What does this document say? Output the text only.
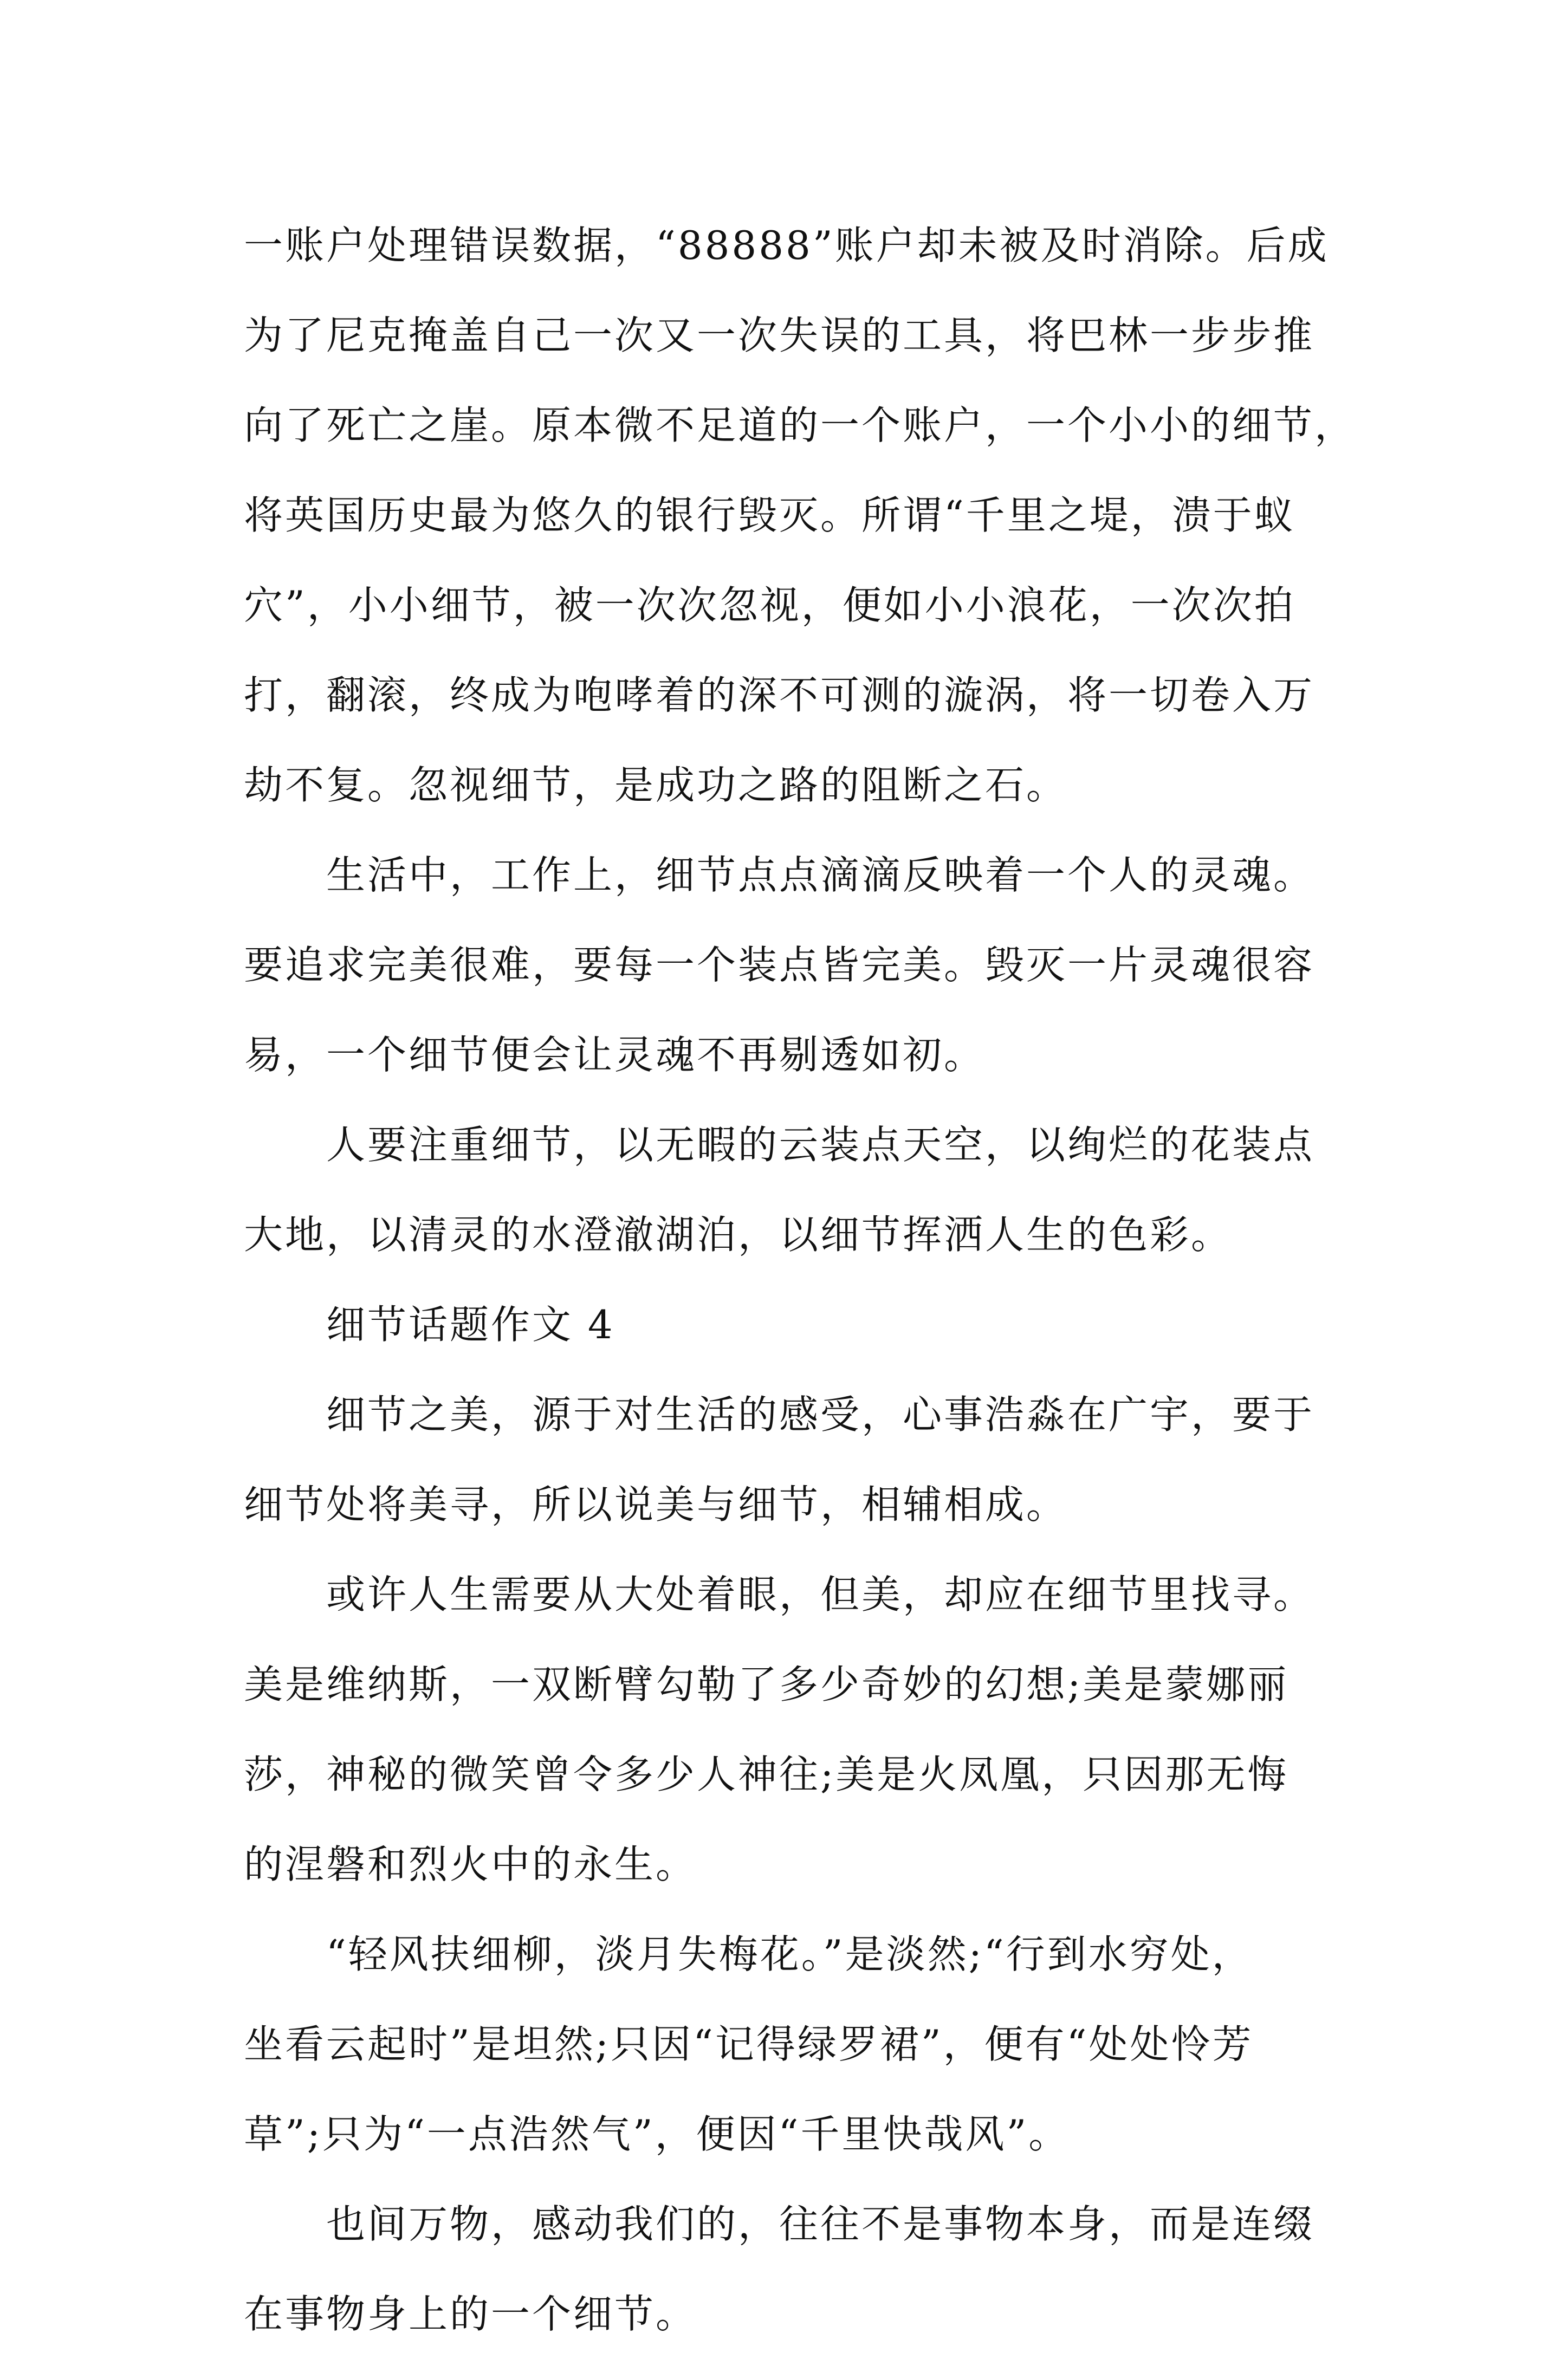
一账户处理错误数据，“88888”账户却未被及时消除。后成
为了尼克掩盖自己一次又一次失误的工具，将巴林一步步推
向了死亡之崖。原本微不足道的一个账户，一个小小的细节，
将英国历史最为悠久的银行毁灭。所谓“千里之堤，溃于蚁
穴”，小小细节，被一次次忽视，便如小小浪花，一次次拍
打，翻滚，终成为咆哮着的深不可测的漩涡，将一切卷入万
劫不复。忽视细节，是成功之路的阻断之石。
生活中，工作上，细节点点滴滴反映着一个人的灵魂。
要追求完美很难，要每一个装点皆完美。毁灭一片灵魂很容
易，一个细节便会让灵魂不再剔透如初。
人要注重细节，以无暇的云装点天空，以绚烂的花装点
大地，以清灵的水澄澈湖泊，以细节挥洒人生的色彩。
细节话题作文 4
细节之美，源于对生活的感受，心事浩淼在广宇，要于
细节处将美寻，所以说美与细节，相辅相成。
或许人生需要从大处着眼，但美，却应在细节里找寻。
美是维纳斯，一双断臂勾勒了多少奇妙的幻想;美是蒙娜丽
莎，神秘的微笑曾令多少人神往;美是火凤凰，只因那无悔
的涅磐和烈火中的永生。
“轻风扶细柳，淡月失梅花。”是淡然;“行到水穷处，
坐看云起时”是坦然;只因“记得绿罗裙”，便有“处处怜芳
草”;只为“一点浩然气”，便因“千里快哉风”。
也间万物，感动我们的，往往不是事物本身，而是连缀
在事物身上的一个细节。
